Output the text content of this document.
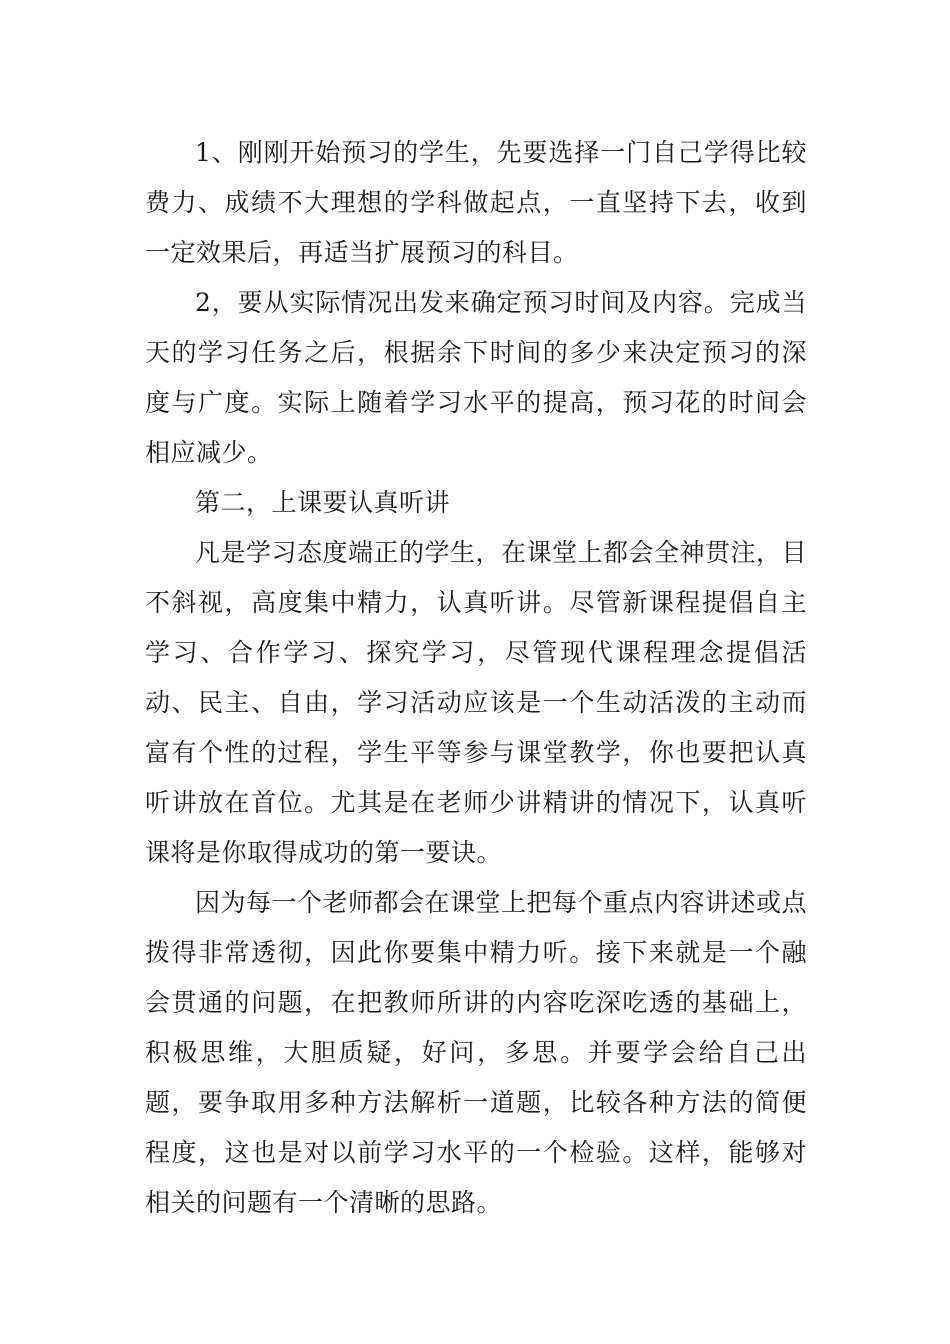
1、刚刚开始预习的学生，先要选择一门自己学得比较费力、成绩不大理想的学科做起点，一直坚持下去，收到一定效果后，再适当扩展预习的科目。

2，要从实际情况出发来确定预习时间及内容。完成当天的学习任务之后，根据余下时间的多少来决定预习的深度与广度。实际上随着学习水平的提高，预习花的时间会相应减少。

第二，上课要认真听讲

凡是学习态度端正的学生，在课堂上都会全神贯注，目不斜视，高度集中精力，认真听讲。尽管新课程提倡自主学习、合作学习、探究学习，尽管现代课程理念提倡活动、民主、自由，学习活动应该是一个生动活泼的主动而富有个性的过程，学生平等参与课堂教学，你也要把认真听讲放在首位。尤其是在老师少讲精讲的情况下，认真听课将是你取得成功的第一要诀。

因为每一个老师都会在课堂上把每个重点内容讲述或点拨得非常透彻，因此你要集中精力听。接下来就是一个融会贯通的问题，在把教师所讲的内容吃深吃透的基础上，积极思维，大胆质疑，好问，多思。并要学会给自己出题，要争取用多种方法解析一道题，比较各种方法的简便程度，这也是对以前学习水平的一个检验。这样，能够对相关的问题有一个清晰的思路。
